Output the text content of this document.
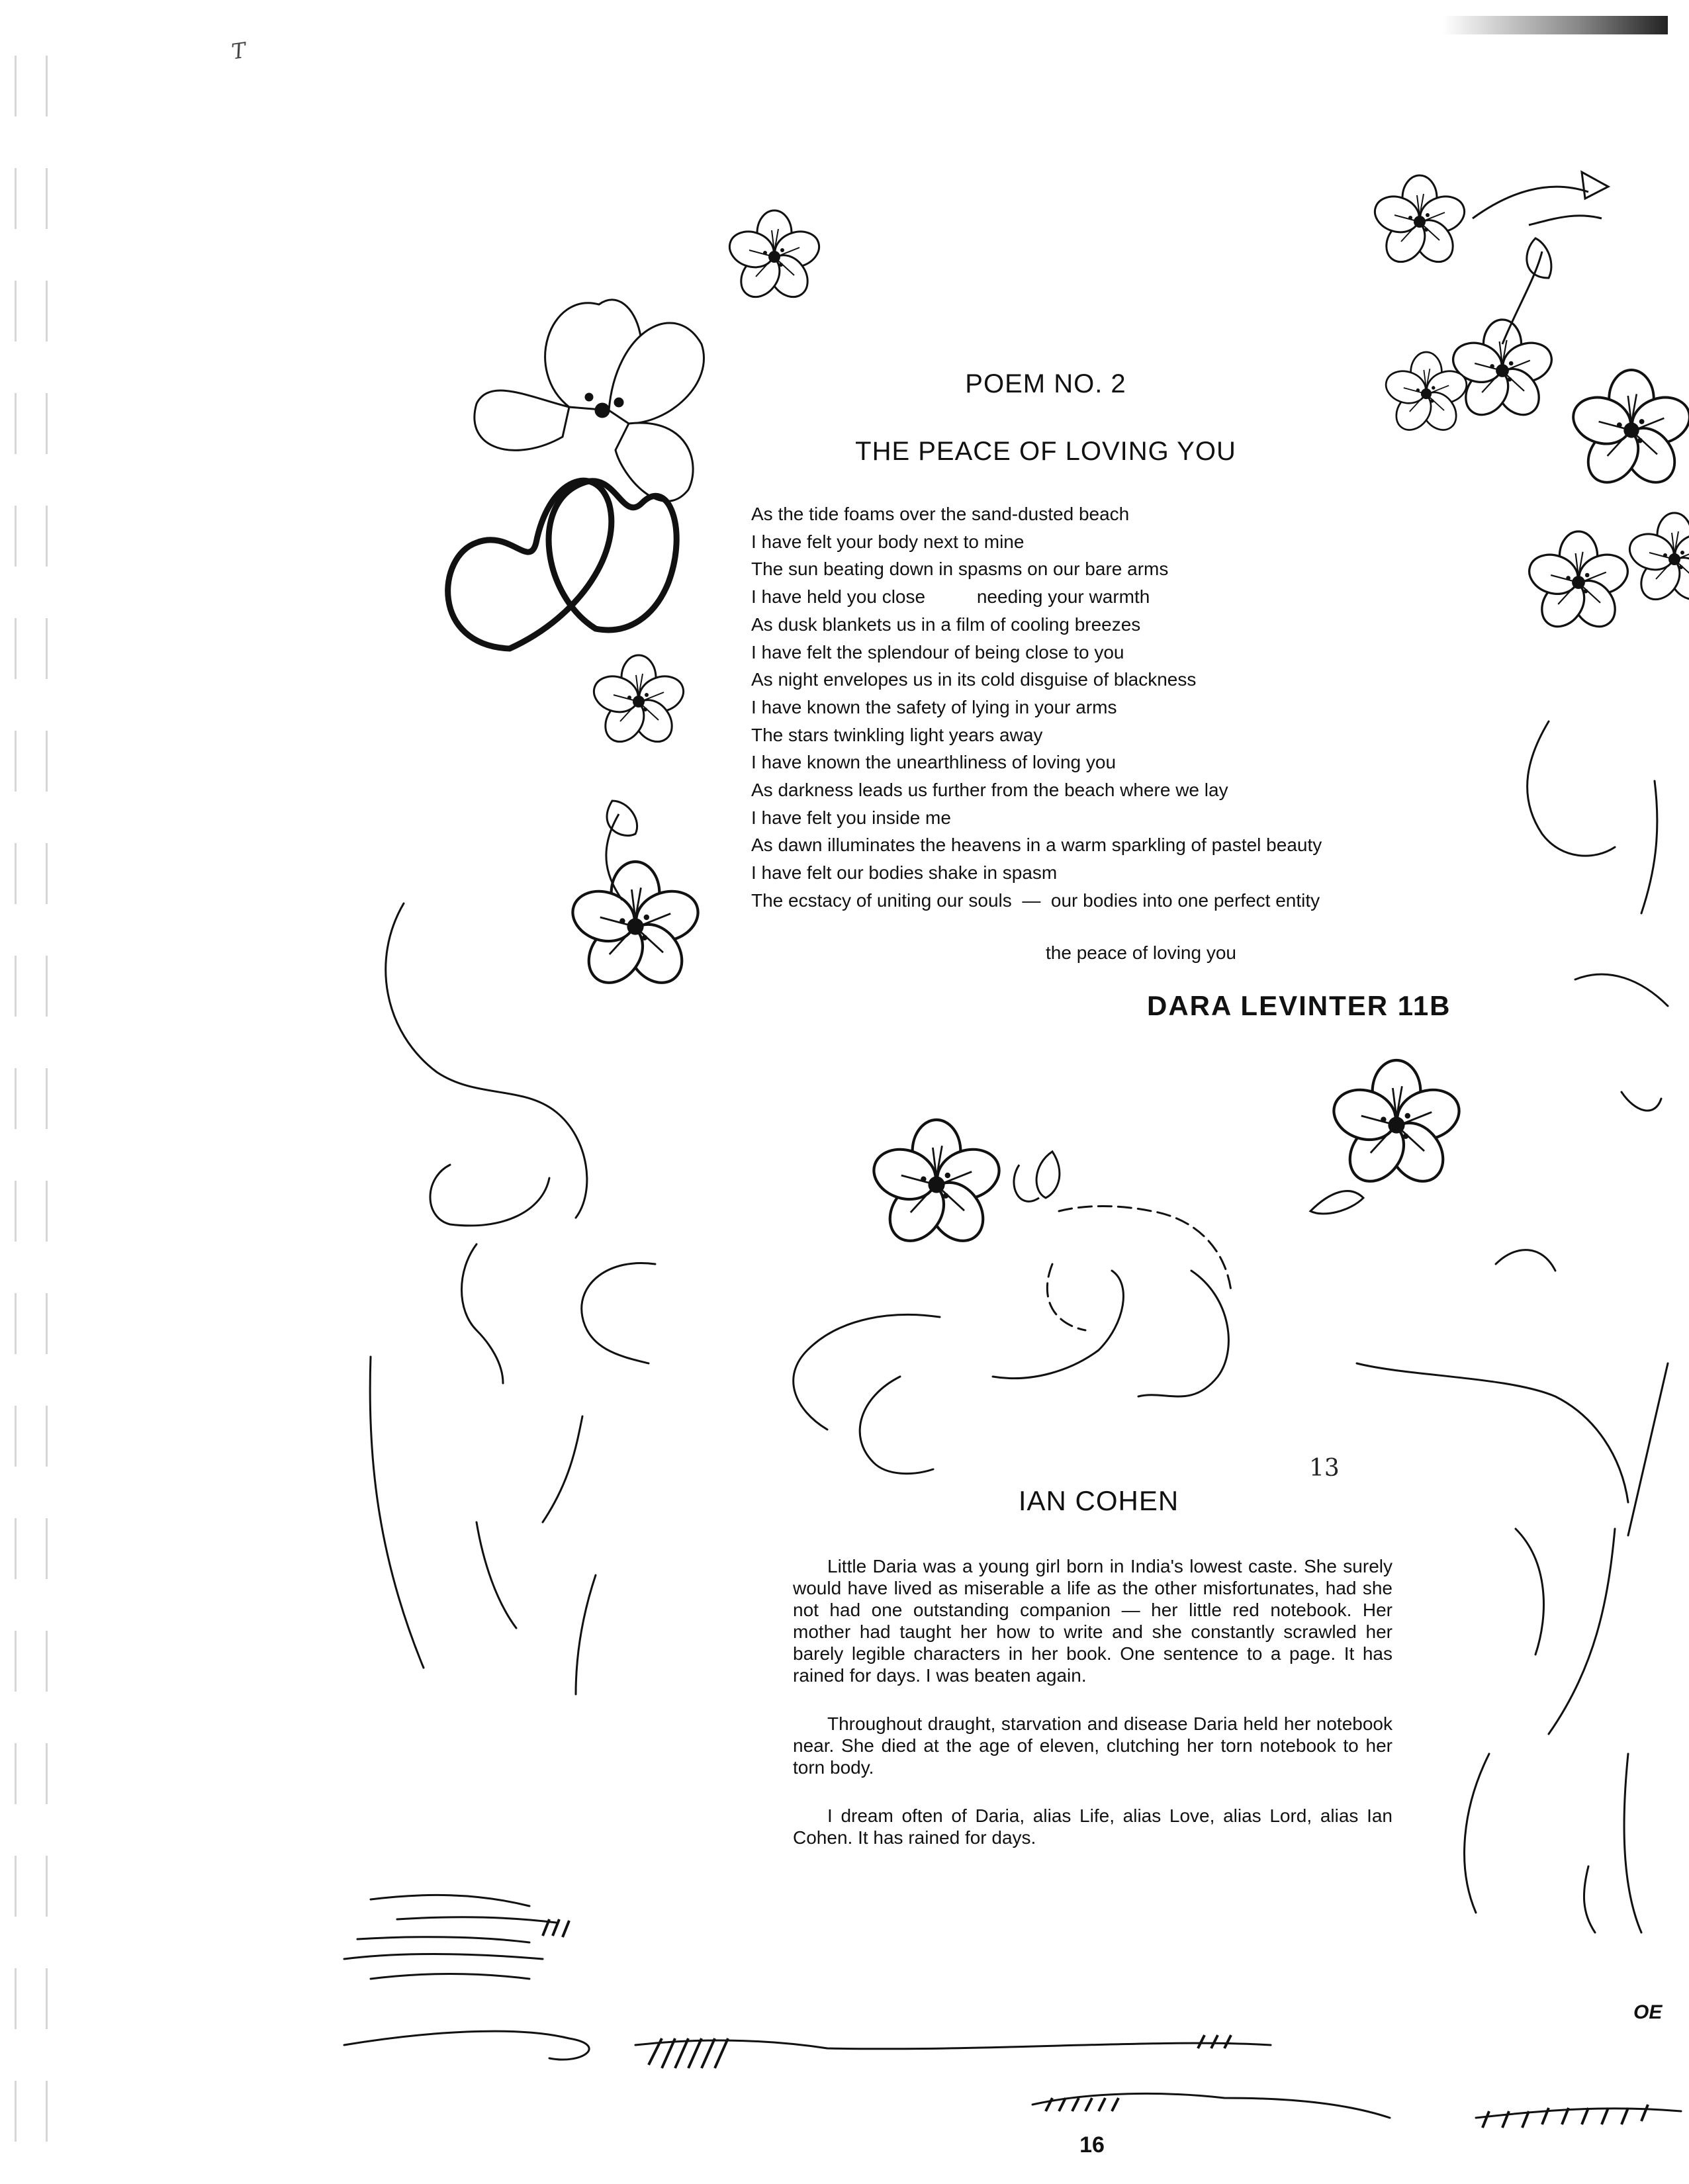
T
POEM NO. 2
THE PEACE OF LOVING YOU
As the tide foams over the sand-dusted beach
I have felt your body next to mine
The sun beating down in spasms on our bare arms
I have held you close          needing your warmth
As dusk blankets us in a film of cooling breezes
I have felt the splendour of being close to you
As night envelopes us in its cold disguise of blackness
I have known the safety of lying in your arms
The stars twinkling light years away
I have known the unearthliness of loving you
As darkness leads us further from the beach where we lay
I have felt you inside me
As dawn illuminates the heavens in a warm sparkling of pastel beauty
I have felt our bodies shake in spasm
The ecstacy of uniting our souls  —  our bodies into one perfect entity
the peace of loving you
DARA LEVINTER 11B
13
IAN COHEN

Little Daria was a young girl born in India's lowest caste. She surely would have lived as miserable a life as the other misfortunates, had she not had one outstanding companion — her little red notebook. Her mother had taught her how to write and she constantly scrawled her barely legible characters in her book. One sentence to a page. It has rained for days. I was beaten again.

Throughout draught, starvation and disease Daria held her notebook near. She died at the age of eleven, clutching her torn notebook to her torn body.

I dream often of Daria, alias Life, alias Love, alias Lord, alias Ian Cohen. It has rained for days.

OE
16
